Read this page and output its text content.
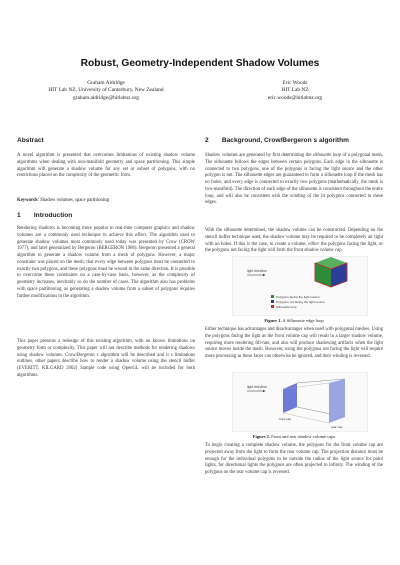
Robust, Geometry-Independent Shadow Volumes
Graham Aldridge
HIT Lab NZ, University of Canterbury, New Zealand
graham.aldridge@hitlabnz.org
Eric Woods
HIT Lab NZ
eric.woods@hitlabnz.org
Abstract

A novel algorithm is presented that overcomes limitations of existing shadow volume algorithms when dealing with non-manifold geometry and space partitioning. This simple algorithm will generate a shadow volume for any set or subset of polygons, with no restrictions placed on the complexity of the geometric form.

Keywords: Shadow volumes, space partitioning
1  Introduction

Rendering shadows is becoming more popular in real-time computer graphics and shadow volumes are a commonly used technique to achieve this effect. The algorithm used to generate shadow volumes most commonly used today was presented by Crow (CROW 1977), and later generalized by Bergeron (BERGERON 1986). Bergeron presented a general algorithm to generate a shadow volume from a mesh of polygons. However, a major constraint was placed on the mesh: that every edge between polygons must be connected to exactly two polygons, and these polygons must be wound in the same direction. It is possible to overcome these constraints on a case-by-case basis, however, as the complexity of geometry increases, inevitably so do the number of cases. The algorithm also has problems with space partitioning, as generating a shadow volume from a subset of polygons requires further modifications to the algorithm.

This paper presents a redesign of this existing algorithm, with no known limitations on geometry form or complexity. This paper will not describe methods for rendering shadows using shadow volumes. Crow/Bergeron s algorithm will be described and it s limitations outlines, other papers describe how to render a shadow volume using the stencil buffer (EVERITT, KILGARD 2002) Sample code using OpenGL will be included for both algorithms.

2  Background, Crow/Bergeron s algorithm

Shadow volumes are generated by first determining the silhouette loop of a polygonal mesh. The silhouette follows the edges between certain polygons. Each edge in the silhouette is connected to two polygons, one of the polygons is facing the light source and the other polygon is not. The silhouette edges are guaranteed to form a silhouette loop if the mesh has no holes; and every edge is connected to exactly two polygons (mathematically, the mesh is two-manifold). The direction of each edge of the silhouette is consistent throughout the entire loop, and will also be consistent with the winding of the lit polygons connected to these edges.

With the silhouette determined, the shadow volume can be constructed. Depending on the stencil buffer technique used, the shadow volume may be required to be completely air tight with no holes. If this is the case, to create a volume, either the polygons facing the light, or the polygons not facing the light will form the front shadow volume cap.

light direction
Polygons facing the light source
Polygons not facing the light source
Silhouette loop
Figure 1. A Silhouette edge loop

Either technique has advantages and disadvantages when used with polygonal meshes. Using the polygons facing the light as the front volume cap will result in a larger shadow volume, requiring more rendering fill-rate, and also will produce shadowing artifacts when the light source moves inside the mesh. However, using the polygons not facing the light will require more processing as these faces can otherwise be ignored, and their winding is reversed.

light direction
front cap
rear cap
Figure 2. Front and rear shadow volume caps

To begin creating a complete shadow volume, the polygons for the front volume cap are projected away from the light to form the rear volume cap. The projection distance must be enough for the individual polygons to be outside the radius of the light source for point lights, for directional lights the polygons are often projected to infinity. The winding of the polygons on the rear volume cap is reversed.
